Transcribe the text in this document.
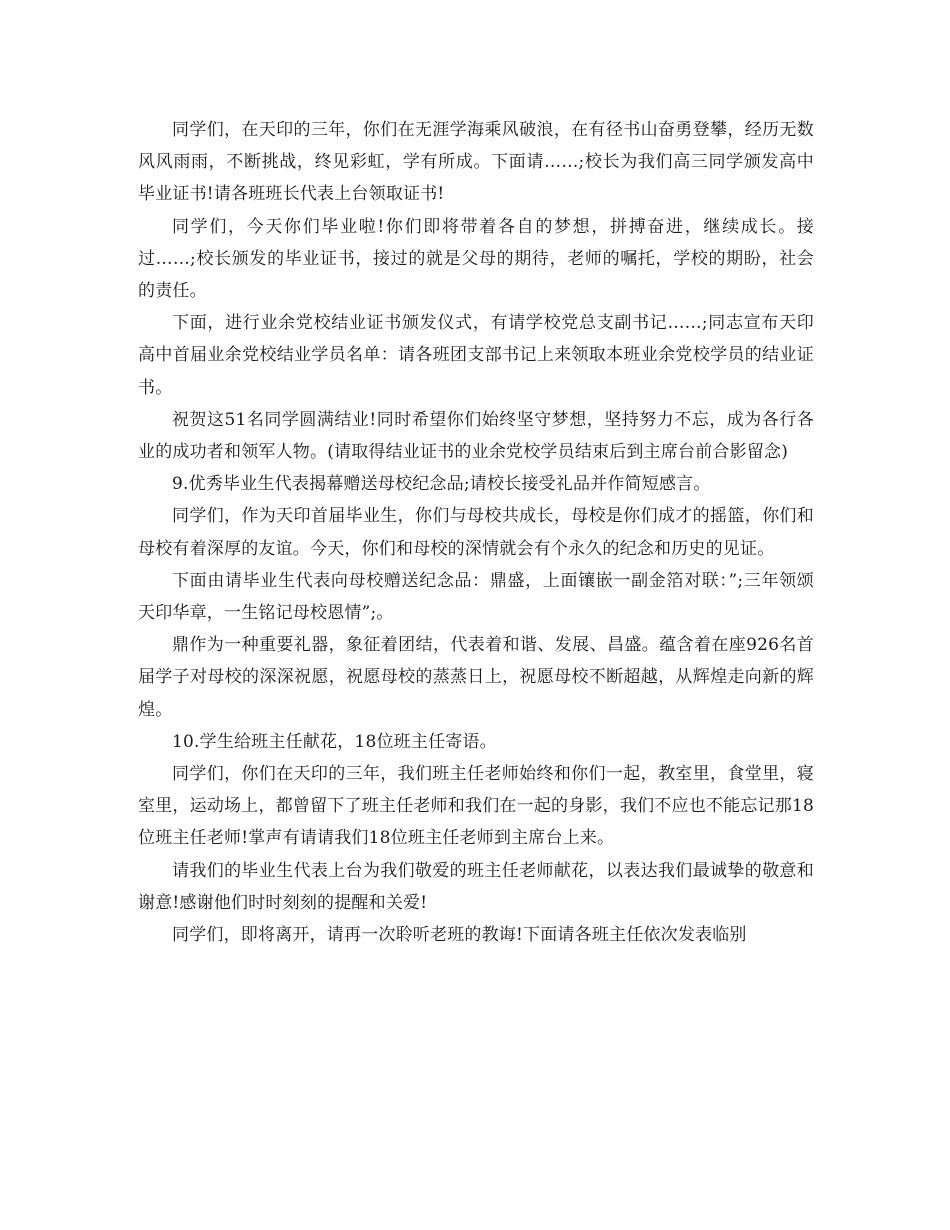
同学们，在天印的三年，你们在无涯学海乘风破浪，在有径书山奋勇登攀，经历无数风风雨雨，不断挑战，终见彩虹，学有所成。下面请……;校长为我们高三同学颁发高中毕业证书!请各班班长代表上台领取证书!

同学们，今天你们毕业啦!你们即将带着各自的梦想，拼搏奋进，继续成长。接过……;校长颁发的毕业证书，接过的就是父母的期待，老师的嘱托，学校的期盼，社会的责任。

下面，进行业余党校结业证书颁发仪式，有请学校党总支副书记……;同志宣布天印高中首届业余党校结业学员名单：请各班团支部书记上来领取本班业余党校学员的结业证书。

祝贺这51名同学圆满结业!同时希望你们始终坚守梦想，坚持努力不忘，成为各行各业的成功者和领军人物。(请取得结业证书的业余党校学员结束后到主席台前合影留念)

9.优秀毕业生代表揭幕赠送母校纪念品;请校长接受礼品并作简短感言。

同学们，作为天印首届毕业生，你们与母校共成长，母校是你们成才的摇篮，你们和母校有着深厚的友谊。今天，你们和母校的深情就会有个永久的纪念和历史的见证。

下面由请毕业生代表向母校赠送纪念品：鼎盛，上面镶嵌一副金箔对联：”;三年领颂天印华章，一生铭记母校恩情”;。

鼎作为一种重要礼器，象征着团结，代表着和谐、发展、昌盛。蕴含着在座926名首届学子对母校的深深祝愿，祝愿母校的蒸蒸日上，祝愿母校不断超越，从辉煌走向新的辉煌。

10.学生给班主任献花，18位班主任寄语。

同学们，你们在天印的三年，我们班主任老师始终和你们一起，教室里，食堂里，寝室里，运动场上，都曾留下了班主任老师和我们在一起的身影，我们不应也不能忘记那18位班主任老师!掌声有请请我们18位班主任老师到主席台上来。

请我们的毕业生代表上台为我们敬爱的班主任老师献花，以表达我们最诚挚的敬意和谢意!感谢他们时时刻刻的提醒和关爱!

同学们，即将离开，请再一次聆听老班的教诲!下面请各班主任依次发表临别
